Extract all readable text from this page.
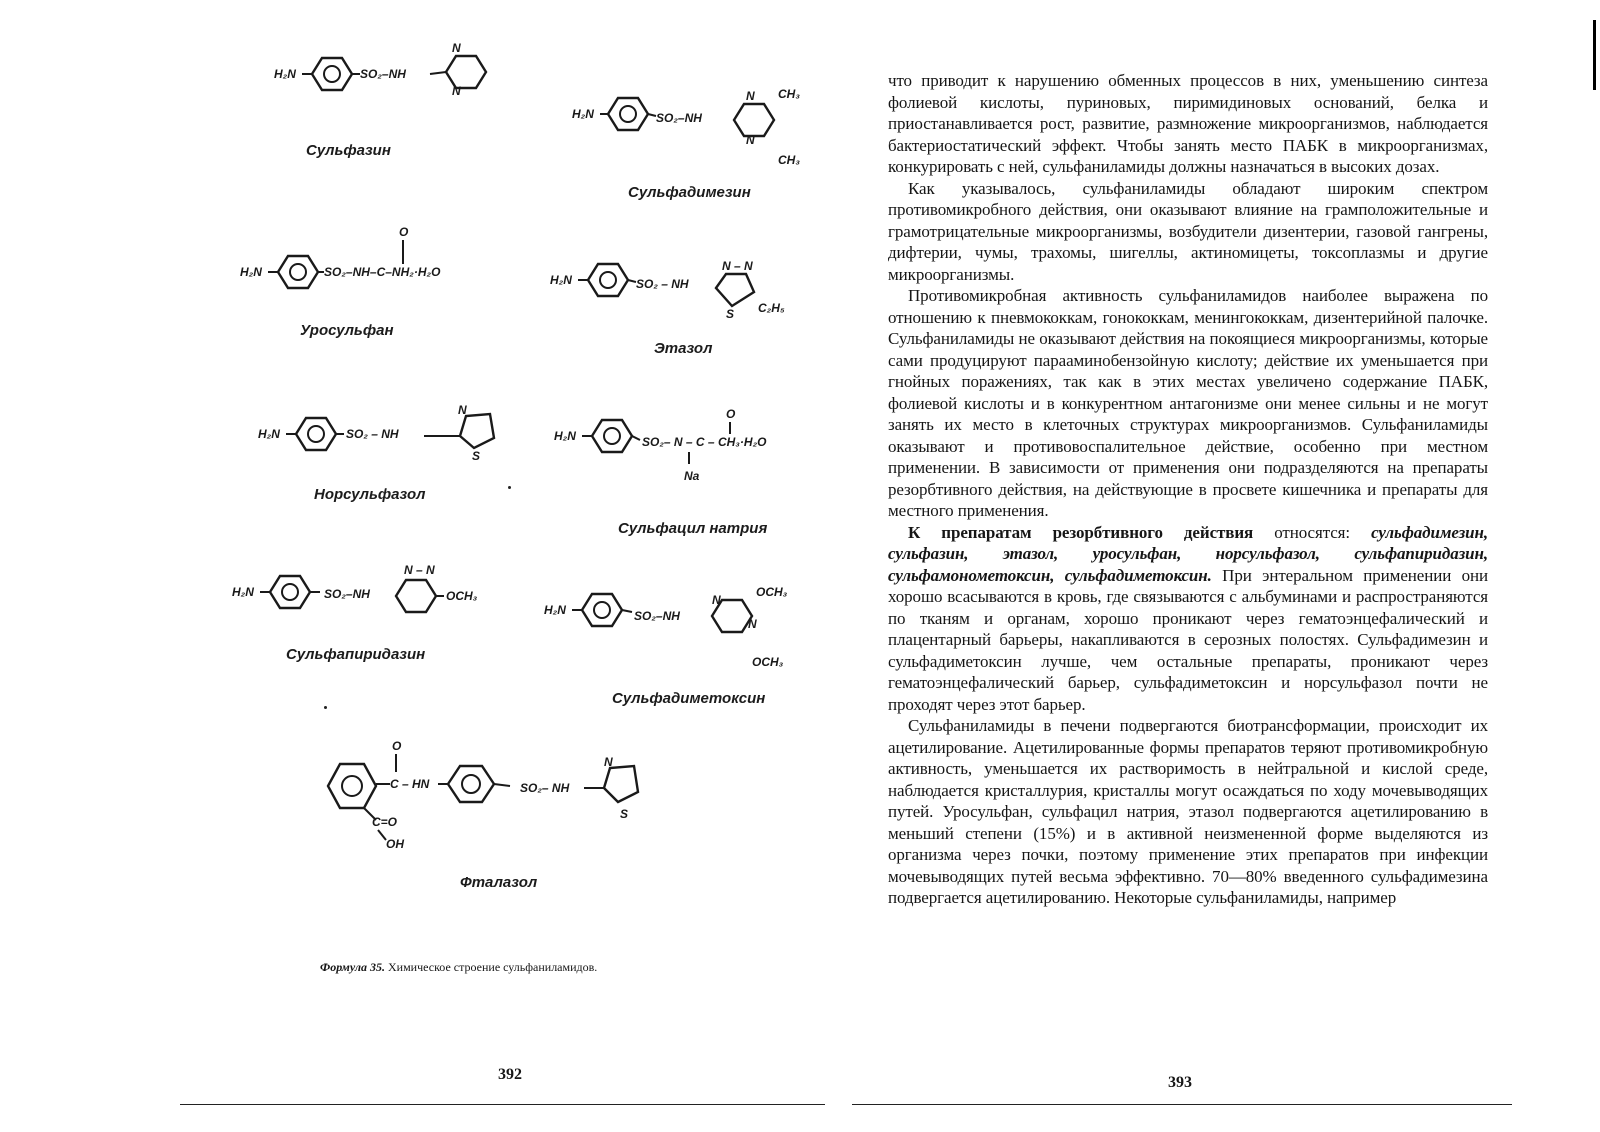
H₂N	SO₂–NH
N
N
Сульфазин
H₂N	SO₂–NH
N
N
CH₃
CH₃
Сульфадимезин
H₂N	SO₂–NH–C–NH₂·H₂O
O
Уросульфан
H₂N	SO₂ – NH
N – N
S C₂H₅
Этазол
H₂N	SO₂ – NH
N
S
Норсульфазол
H₂N	SO₂– N – C – CH₃·H₂O
O
Na
Сульфацил натрия
H₂N	SO₂–NH
N – N
OCH₃
Сульфапиридазин
H₂N	SO₂–NH
N
N
OCH₃
OCH₃
Сульфадиметоксин
O
C – HN	SO₂– NH
N
S
C=O
OH
Фталазол
Формула 35. Химическое строение сульфаниламидов.
392

что приводит к нарушению обменных процессов в них, уменьшению синтеза фолиевой кислоты, пуриновых, пиримидиновых оснований, белка и приостанавливается рост, развитие, размножение микроорганизмов, наблюдается бактериостатический эффект. Чтобы занять место ПАБК в микроорганизмах, конкурировать с ней, сульфаниламиды должны назначаться в высоких дозах.

Как указывалось, сульфаниламиды обладают широким спектром противомикробного действия, они оказывают влияние на грамположительные и грамотрицательные микроорганизмы, возбудители дизентерии, газовой гангрены, дифтерии, чумы, трахомы, шигеллы, актиномицеты, токсоплазмы и другие микроорганизмы.

Противомикробная активность сульфаниламидов наиболее выражена по отношению к пневмококкам, гонококкам, менингококкам, дизентерийной палочке. Сульфаниламиды не оказывают действия на покоящиеся микроорганизмы, которые сами продуцируют парааминобензойную кислоту; действие их уменьшается при гнойных поражениях, так как в этих местах увеличено содержание ПАБК, фолиевой кислоты и в конкурентном антагонизме они менее сильны и не могут занять их место в клеточных структурах микроорганизмов. Сульфаниламиды оказывают и противовоспалительное действие, особенно при местном применении. В зависимости от применения они подразделяются на препараты резорбтивного действия, на действующие в просвете кишечника и препараты для местного применения.

К препаратам резорбтивного действия относятся: сульфадимезин, сульфазин, этазол, уросульфан, норсульфазол, сульфапиридазин, сульфамонометоксин, сульфадиметоксин. При энтеральном применении они хорошо всасываются в кровь, где связываются с альбуминами и распространяются по тканям и органам, хорошо проникают через гематоэнцефалический и плацентарный барьеры, накапливаются в серозных полостях. Сульфадимезин и сульфадиметоксин лучше, чем остальные препараты, проникают через гематоэнцефалический барьер, сульфадиметоксин и норсульфазол почти не проходят через этот барьер.

Сульфаниламиды в печени подвергаются биотрансформации, происходит их ацетилирование. Ацетилированные формы препаратов теряют противомикробную активность, уменьшается их растворимость в нейтральной и кислой среде, наблюдается кристаллурия, кристаллы могут осаждаться по ходу мочевыводящих путей. Уросульфан, сульфацил натрия, этазол подвергаются ацетилированию в меньший степени (15%) и в активной неизмененной форме выделяются из организма через почки, поэтому применение этих препаратов при инфекции мочевыводящих путей весьма эффективно. 70—80% введенного сульфадимезина подвергается ацетилированию. Некоторые сульфаниламиды, например

393
